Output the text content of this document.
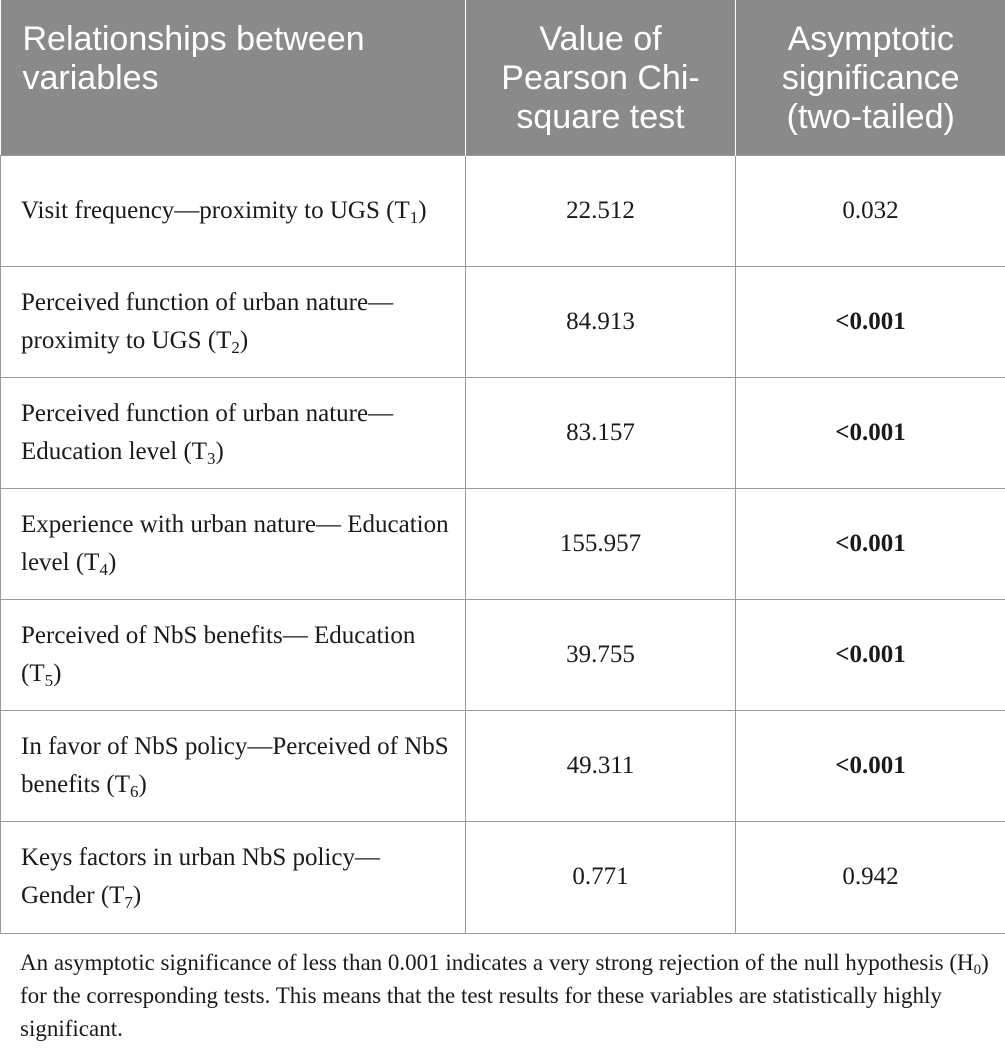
Relationships between variables	Value of Pearson Chi-square test	Asymptotic significance (two-tailed)
Visit frequency—proximity to UGS $(T_1)$	22.512	0.032
Perceived function of urban nature—proximity to UGS $(T_2)$	84.913	<0.001
Perceived function of urban nature—Education level $(T_3)$	83.157	<0.001
Experience with urban nature— Education level $(T_4)$	155.957	<0.001
Perceived of NbS benefits— Education $(T_5)$	39.755	<0.001
In favor of NbS policy—Perceived of NbS benefits $(T_6)$	49.311	<0.001
Keys factors in urban NbS policy— Gender $(T_7)$	0.771	0.942

An asymptotic significance of less than 0.001 indicates a very strong rejection of the null hypothesis $(H_0)$ for the corresponding tests. This means that the test results for these variables are statistically highly significant.
